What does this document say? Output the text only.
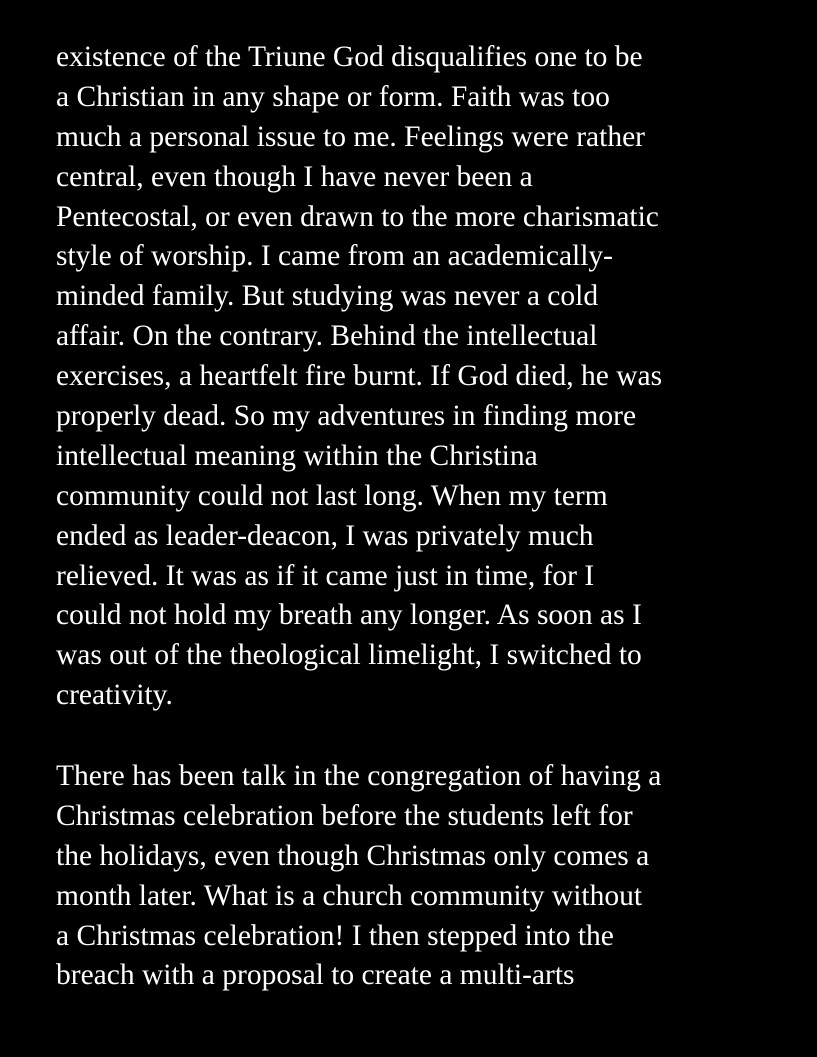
existence of the Triune God disqualifies one to be
a Christian in any shape or form. Faith was too
much a personal issue to me. Feelings were rather
central, even though I have never been a
Pentecostal, or even drawn to the more charismatic
style of worship. I came from an academically-
minded family. But studying was never a cold
affair. On the contrary. Behind the intellectual
exercises, a heartfelt fire burnt. If God died, he was
properly dead. So my adventures in finding more
intellectual meaning within the Christina
community could not last long. When my term
ended as leader-deacon, I was privately much
relieved. It was as if it came just in time, for I
could not hold my breath any longer. As soon as I
was out of the theological limelight, I switched to
creativity.

There has been talk in the congregation of having a
Christmas celebration before the students left for
the holidays, even though Christmas only comes a
month later. What is a church community without
a Christmas celebration! I then stepped into the
breach with a proposal to create a multi-arts
